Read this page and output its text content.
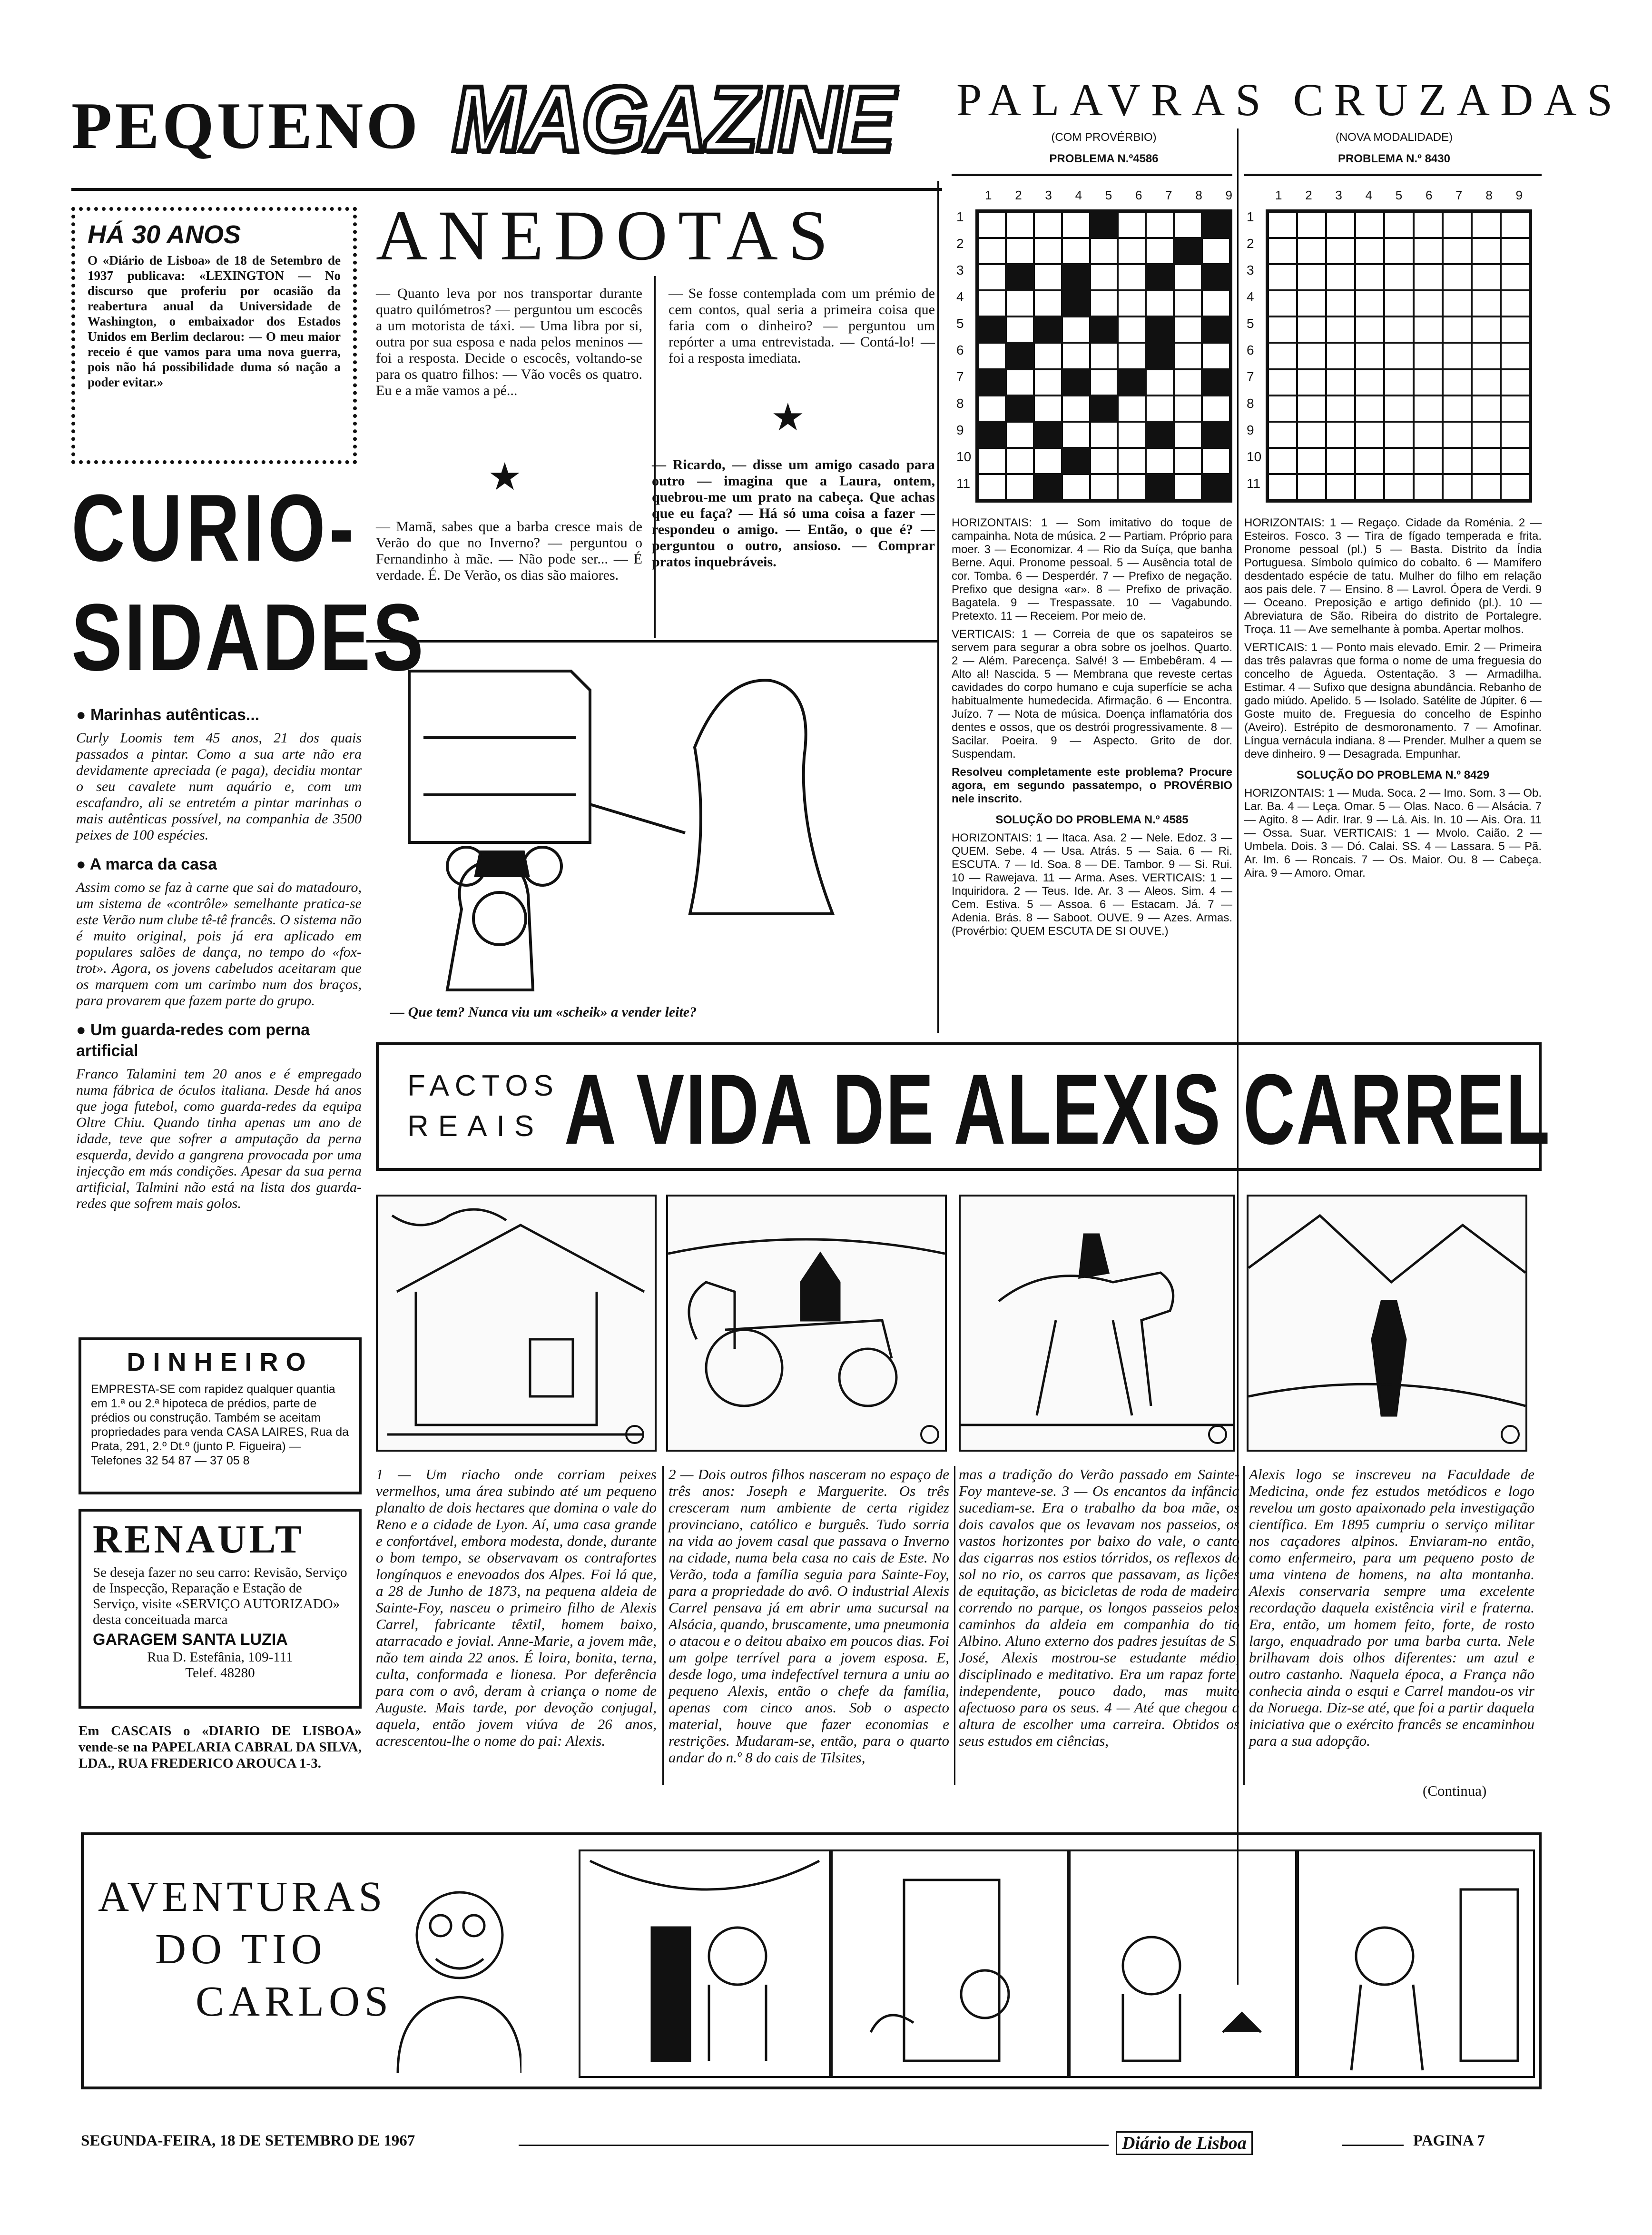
PEQUENO MAGAZINE PALAVRAS CRUZADAS
HÁ 30 ANOS

O «Diário de Lisboa» de 18 de Setembro de 1937 publicava: «LEXINGTON — No discurso que proferiu por ocasião da reabertura anual da Universidade de Washington, o embaixador dos Estados Unidos em Berlim declarou: — O meu maior receio é que vamos para uma nova guerra, pois não há possibilidade duma só nação a poder evitar.»

ANEDOTAS

— Quanto leva por nos transportar durante quatro quilómetros? — perguntou um escocês a um motorista de táxi. — Uma libra por si, outra por sua esposa e nada pelos meninos — foi a resposta. Decide o escocês, voltando-se para os quatro filhos: — Vão vocês os quatro. Eu e a mãe vamos a pé...

★

— Mamã, sabes que a barba cresce mais de Verão do que no Inverno? — perguntou o Fernandinho à mãe. — Não pode ser... — É verdade. É. De Verão, os dias são maiores.

— Se fosse contemplada com um prémio de cem contos, qual seria a primeira coisa que faria com o dinheiro? — perguntou um repórter a uma entrevistada. — Contá-lo! — foi a resposta imediata.

★

— Ricardo, — disse um amigo casado para outro — imagina que a Laura, ontem, quebrou-me um prato na cabeça. Que achas que eu faça? — Há só uma coisa a fazer — respondeu o amigo. — Então, o que é? — perguntou o outro, ansioso. — Comprar pratos inquebráveis.

— Que tem? Nunca viu um «scheik» a vender leite?
CURIO-
SIDADES
● Marinhas autênticas...

Curly Loomis tem 45 anos, 21 dos quais passados a pintar. Como a sua arte não era devidamente apreciada (e paga), decidiu montar o seu cavalete num aquário e, com um escafandro, ali se entretém a pintar marinhas o mais autênticas possível, na companhia de 3500 peixes de 100 espécies.

● A marca da casa

Assim como se faz à carne que sai do matadouro, um sistema de «contrôle» semelhante pratica-se este Verão num clube tê-tê francês. O sistema não é muito original, pois já era aplicado em populares salões de dança, no tempo do «fox-trot». Agora, os jovens cabeludos aceitaram que os marquem com um carimbo num dos braços, para provarem que fazem parte do grupo.

● Um guarda-redes com perna artificial

Franco Talamini tem 20 anos e é empregado numa fábrica de óculos italiana. Desde há anos que joga futebol, como guarda-redes da equipa Oltre Chiu. Quando tinha apenas um ano de idade, teve que sofrer a amputação da perna esquerda, devido a gangrena provocada por uma injecção em más condições. Apesar da sua perna artificial, Talmini não está na lista dos guarda-redes que sofrem mais golos.

DINHEIRO

EMPRESTA-SE com rapidez qualquer quantia em 1.ª ou 2.ª hipoteca de prédios, parte de prédios ou construção. Também se aceitam propriedades para venda CASA LAIRES, Rua da Prata, 291, 2.º Dt.º (junto P. Figueira) — Telefones 32 54 87 — 37 05 8

RENAULT

Se deseja fazer no seu carro: Revisão, Serviço de Inspecção, Reparação e Estação de Serviço, visite «SERVIÇO AUTORIZADO» desta conceituada marca

GARAGEM SANTA LUZIA
Rua D. Estefânia, 109-111
Telef. 48280

Em CASCAIS o «DIARIO DE LISBOA» vende-se na PAPELARIA CABRAL DA SILVA, LDA., RUA FREDERICO AROUCA 1-3.

(COM PROVÉRBIO)
PROBLEMA N.º4586
1 2 3 4 5 6 7 8 9
1
2
3
4
5
6
7
8
9
10
11

HORIZONTAIS: 1 — Som imitativo do toque de campainha. Nota de música. 2 — Partiam. Próprio para moer. 3 — Economizar. 4 — Rio da Suíça, que banha Berne. Aqui. Pronome pessoal. 5 — Ausência total de cor. Tomba. 6 — Desperdér. 7 — Prefixo de negação. Prefixo que designa «ar». 8 — Prefixo de privação. Bagatela. 9 — Trespassate. 10 — Vagabundo. Pretexto. 11 — Receiem. Por meio de.

VERTICAIS: 1 — Correia de que os sapateiros se servem para segurar a obra sobre os joelhos. Quarto. 2 — Além. Parecença. Salvé! 3 — Embebêram. 4 — Alto al! Nascida. 5 — Membrana que reveste certas cavidades do corpo humano e cuja superfície se acha habitualmente humedecida. Afirmação. 6 — Encontra. Juízo. 7 — Nota de música. Doença inflamatória dos dentes e ossos, que os destrói progressivamente. 8 — Sacilar. Poeira. 9 — Aspecto. Grito de dor. Suspendam.

Resolveu completamente este problema? Procure agora, em segundo passatempo, o PROVÉRBIO nele inscrito.

SOLUÇÃO DO PROBLEMA N.º 4585

HORIZONTAIS: 1 — Itaca. Asa. 2 — Nele. Edoz. 3 — QUEM. Sebe. 4 — Usa. Atrás. 5 — Saia. 6 — Ri. ESCUTA. 7 — Id. Soa. 8 — DE. Tambor. 9 — Si. Rui. 10 — Rawejava. 11 — Arma. Ases. VERTICAIS: 1 — Inquiridora. 2 — Teus. Ide. Ar. 3 — Aleos. Sim. 4 — Cem. Estiva. 5 — Assoa. 6 — Estacam. Já. 7 — Adenia. Brás. 8 — Saboot. OUVE. 9 — Azes. Armas. (Provérbio: QUEM ESCUTA DE SI OUVE.)

(NOVA MODALIDADE)
PROBLEMA N.º 8430
1 2 3 4 5 6 7 8 9
1
2
3
4
5
6
7
8
9
10
11

HORIZONTAIS: 1 — Regaço. Cidade da Roménia. 2 — Esteiros. Fosco. 3 — Tira de fígado temperada e frita. Pronome pessoal (pl.) 5 — Basta. Distrito da Índia Portuguesa. Símbolo químico do cobalto. 6 — Mamífero desdentado espécie de tatu. Mulher do filho em relação aos pais dele. 7 — Ensino. 8 — Lavrol. Ópera de Verdi. 9 — Oceano. Preposição e artigo definido (pl.). 10 — Abreviatura de São. Ribeira do distrito de Portalegre. Troça. 11 — Ave semelhante à pomba. Apertar molhos.

VERTICAIS: 1 — Ponto mais elevado. Emir. 2 — Primeira das três palavras que forma o nome de uma freguesia do concelho de Águeda. Ostentação. 3 — Armadilha. Estimar. 4 — Sufixo que designa abundância. Rebanho de gado miúdo. Apelido. 5 — Isolado. Satélite de Júpiter. 6 — Goste muito de. Freguesia do concelho de Espinho (Aveiro). Estrépito de desmoronamento. 7 — Amofinar. Língua vernácula indiana. 8 — Prender. Mulher a quem se deve dinheiro. 9 — Desagrada. Empunhar.

SOLUÇÃO DO PROBLEMA N.º 8429

HORIZONTAIS: 1 — Muda. Soca. 2 — Imo. Som. 3 — Ob. Lar. Ba. 4 — Leça. Omar. 5 — Olas. Naco. 6 — Alsácia. 7 — Agito. 8 — Adir. Irar. 9 — Lá. Ais. In. 10 — Ais. Ora. 11 — Ossa. Suar. VERTICAIS: 1 — Mvolo. Caião. 2 — Umbela. Dois. 3 — Dó. Calai. SS. 4 — Lassara. 5 — Pã. Ar. Im. 6 — Roncais. 7 — Os. Maior. Ou. 8 — Cabeça. Aira. 9 — Amoro. Omar.

FACTOS
REAIS A VIDA DE ALEXIS CARREL

1 — Um riacho onde corriam peixes vermelhos, uma área subindo até um pequeno planalto de dois hectares que domina o vale do Reno e a cidade de Lyon. Aí, uma casa grande e confortável, embora modesta, donde, durante o bom tempo, se observavam os contrafortes longínquos e enevoados dos Alpes. Foi lá que, a 28 de Junho de 1873, na pequena aldeia de Sainte-Foy, nasceu o primeiro filho de Alexis Carrel, fabricante têxtil, homem baixo, atarracado e jovial. Anne-Marie, a jovem mãe, não tem ainda 22 anos. É loira, bonita, terna, culta, conformada e lionesa. Por deferência para com o avô, deram à criança o nome de Auguste. Mais tarde, por devoção conjugal, aquela, então jovem viúva de 26 anos, acrescentou-lhe o nome do pai: Alexis.

2 — Dois outros filhos nasceram no espaço de três anos: Joseph e Marguerite. Os três cresceram num ambiente de certa rigidez provinciano, católico e burguês. Tudo sorria na vida ao jovem casal que passava o Inverno na cidade, numa bela casa no cais de Este. No Verão, toda a família seguia para Sainte-Foy, para a propriedade do avô. O industrial Alexis Carrel pensava já em abrir uma sucursal na Alsácia, quando, bruscamente, uma pneumonia o atacou e o deitou abaixo em poucos dias. Foi um golpe terrível para a jovem esposa. E, desde logo, uma indefectível ternura a uniu ao pequeno Alexis, então o chefe da família, apenas com cinco anos. Sob o aspecto material, houve que fazer economias e restrições. Mudaram-se, então, para o quarto andar do n.º 8 do cais de Tilsites,

mas a tradição do Verão passado em Sainte-Foy manteve-se. 3 — Os encantos da infância sucediam-se. Era o trabalho da boa mãe, os dois cavalos que os levavam nos passeios, os vastos horizontes por baixo do vale, o canto das cigarras nos estios tórridos, os reflexos do sol no rio, os carros que passavam, as lições de equitação, as bicicletas de roda de madeira correndo no parque, os longos passeios pelos caminhos da aldeia em companhia do tio Albino. Aluno externo dos padres jesuítas de S. José, Alexis mostrou-se estudante médio, disciplinado e meditativo. Era um rapaz forte, independente, pouco dado, mas muito afectuoso para os seus. 4 — Até que chegou a altura de escolher uma carreira. Obtidos os seus estudos em ciências,

Alexis logo se inscreveu na Faculdade de Medicina, onde fez estudos metódicos e logo revelou um gosto apaixonado pela investigação científica. Em 1895 cumpriu o serviço militar nos caçadores alpinos. Enviaram-no então, como enfermeiro, para um pequeno posto de uma vintena de homens, na alta montanha. Alexis conservaria sempre uma excelente recordação daquela existência viril e fraterna. Era, então, um homem feito, forte, de rosto largo, enquadrado por uma barba curta. Nele brilhavam dois olhos diferentes: um azul e outro castanho. Naquela época, a França não conhecia ainda o esqui e Carrel mandou-os vir da Noruega. Diz-se até, que foi a partir daquela iniciativa que o exército francês se encaminhou para a sua adopção.

(Continua)
AVENTURAS
DO TIO
CARLOS
SEGUNDA-FEIRA, 18 DE SETEMBRO DE 1967	Diário de Lisboa	PAGINA 7
